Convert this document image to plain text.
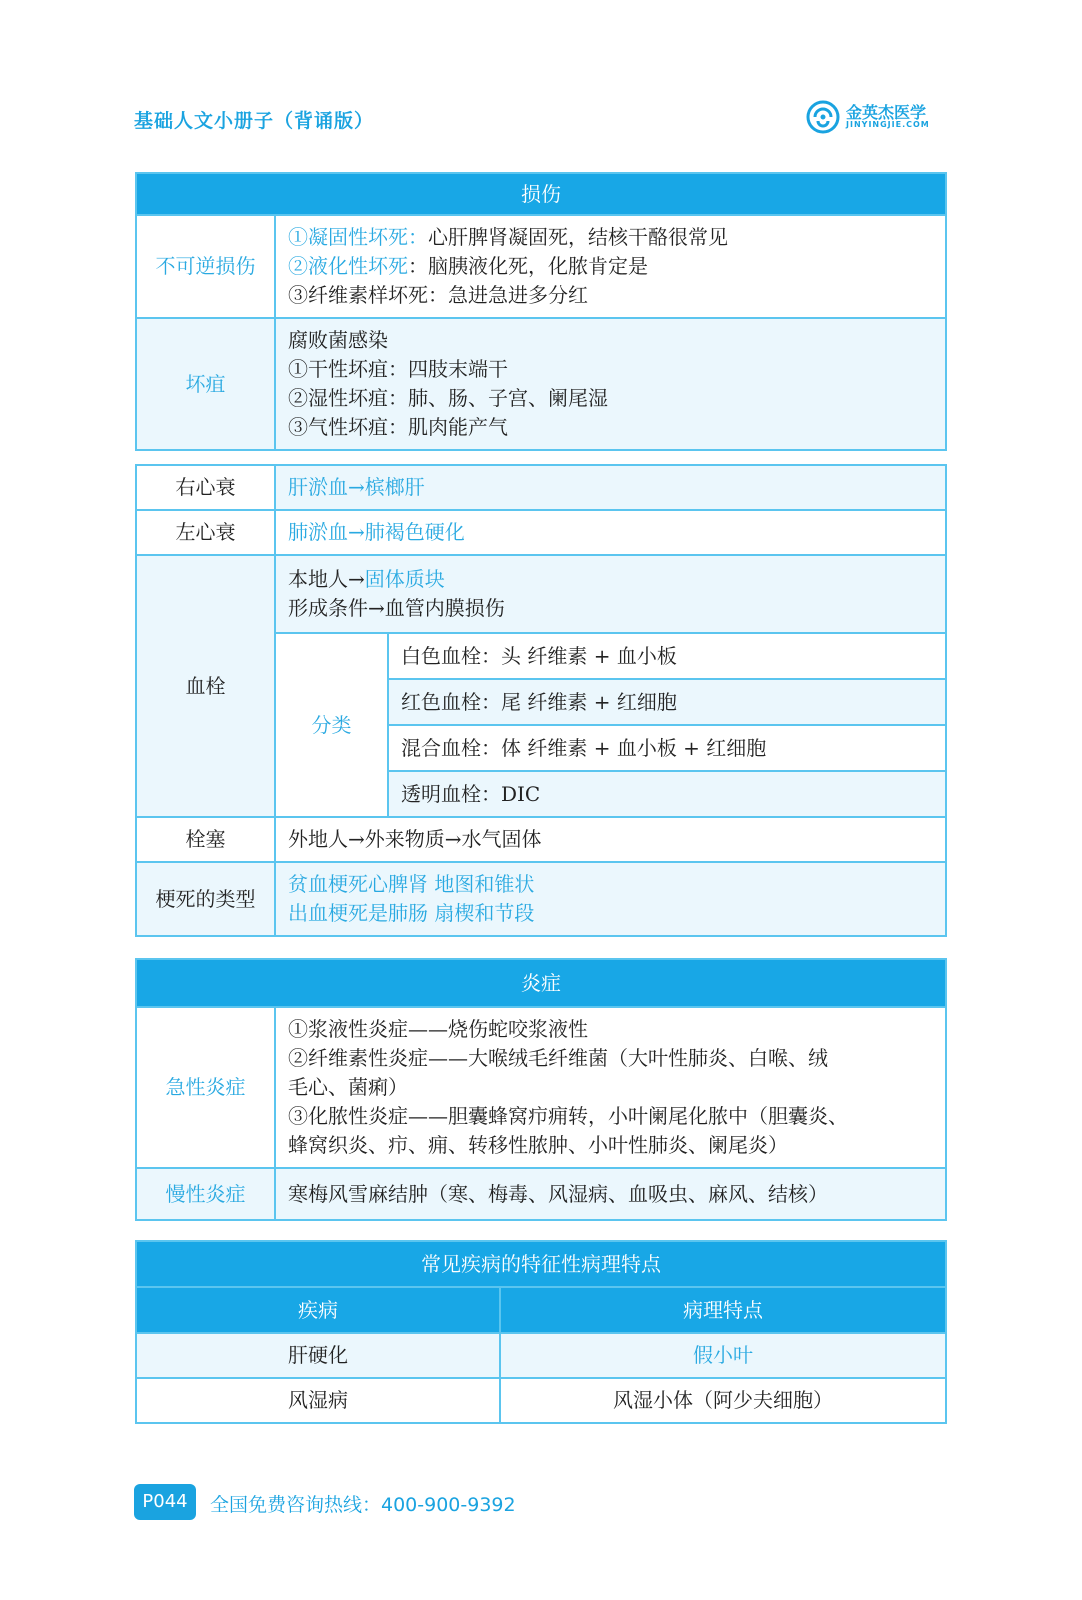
基础人文小册子（背诵版）	金英杰医学
JINYINGJIE.COM
损伤	
不可逆损伤	①凝固性坏死：心肝脾肾凝固死，结核干酪很常见
②液化性坏死：脑胰液化死，化脓肯定是
③纤维素样坏死：急进急进多分红

坏疽	腐败菌感染
①干性坏疽：四肢末端干
②湿性坏疽：肺、肠、子宫、阑尾湿
③气性坏疽：肌肉能产气
右心衰	肝淤血→槟榔肝	
左心衰	肺淤血→肺褐色硬化	
血栓	本地人→固体质块
形成条件→血管内膜损伤	

	分类	白色血栓：头 纤维素 + 血小板
		红色血栓：尾 纤维素 + 红细胞
		混合血栓：体 纤维素 + 血小板 + 红细胞
		透明血栓：DIC
栓塞	外地人→外来物质→水气固体	
梗死的类型	贫血梗死心脾肾 地图和锥状
出血梗死是肺肠 扇楔和节段	
炎症	
急性炎症	①浆液性炎症——烧伤蛇咬浆液性
②纤维素性炎症——大喉绒毛纤维菌（大叶性肺炎、白喉、绒
毛心、菌痢）
③化脓性炎症——胆囊蜂窝疖痈转，小叶阑尾化脓中（胆囊炎、
蜂窝织炎、疖、痈、转移性脓肿、小叶性肺炎、阑尾炎）

慢性炎症	寒梅风雪麻结肿（寒、梅毒、风湿病、血吸虫、麻风、结核）
常见疾病的特征性病理特点	
疾病	病理特点
肝硬化	假小叶
风湿病	风湿小体（阿少夫细胞）
P044	全国免费咨询热线：400-900-9392
